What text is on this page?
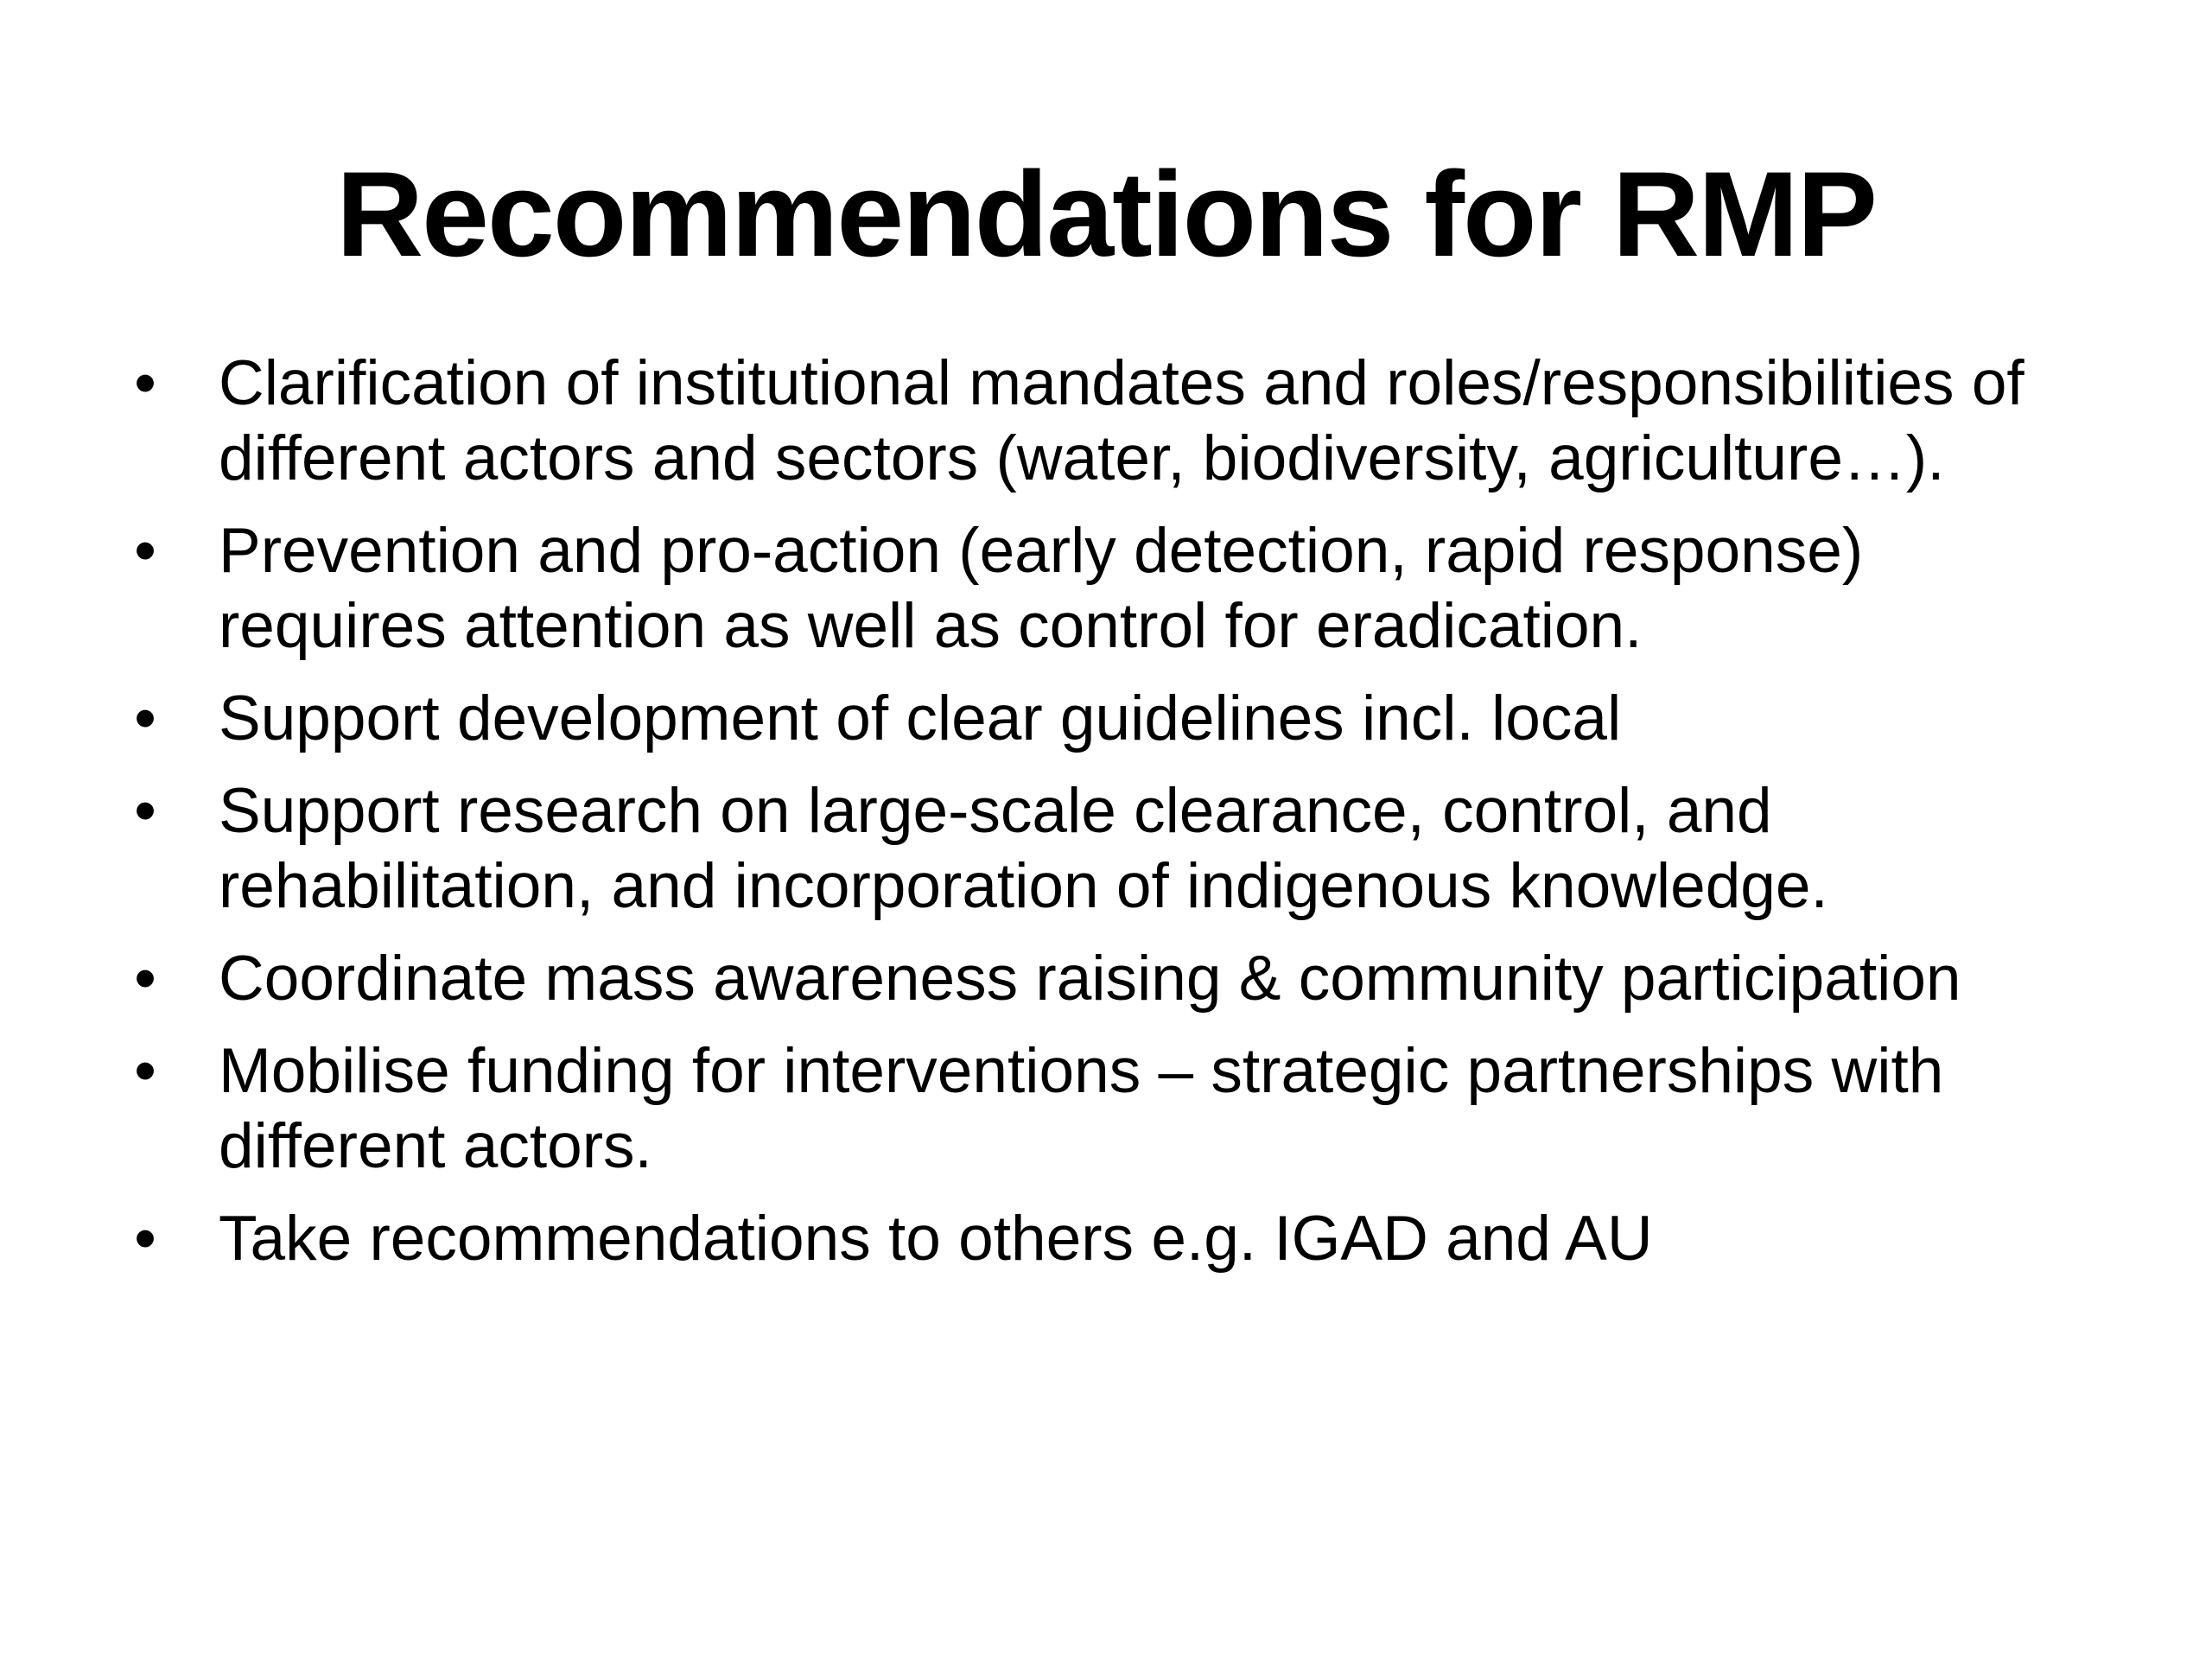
Recommendations for RMP
• Clarification of institutional mandates and roles/responsibilities of different actors and sectors (water, biodiversity, agriculture…).
• Prevention and pro-action (early detection, rapid response) requires attention as well as control for eradication.
• Support development of clear guidelines incl. local
• Support research on large-scale clearance, control, and rehabilitation, and incorporation of indigenous knowledge.
• Coordinate mass awareness raising & community participation
• Mobilise funding for interventions – strategic partnerships with different actors.
• Take recommendations to others e.g. IGAD and AU
